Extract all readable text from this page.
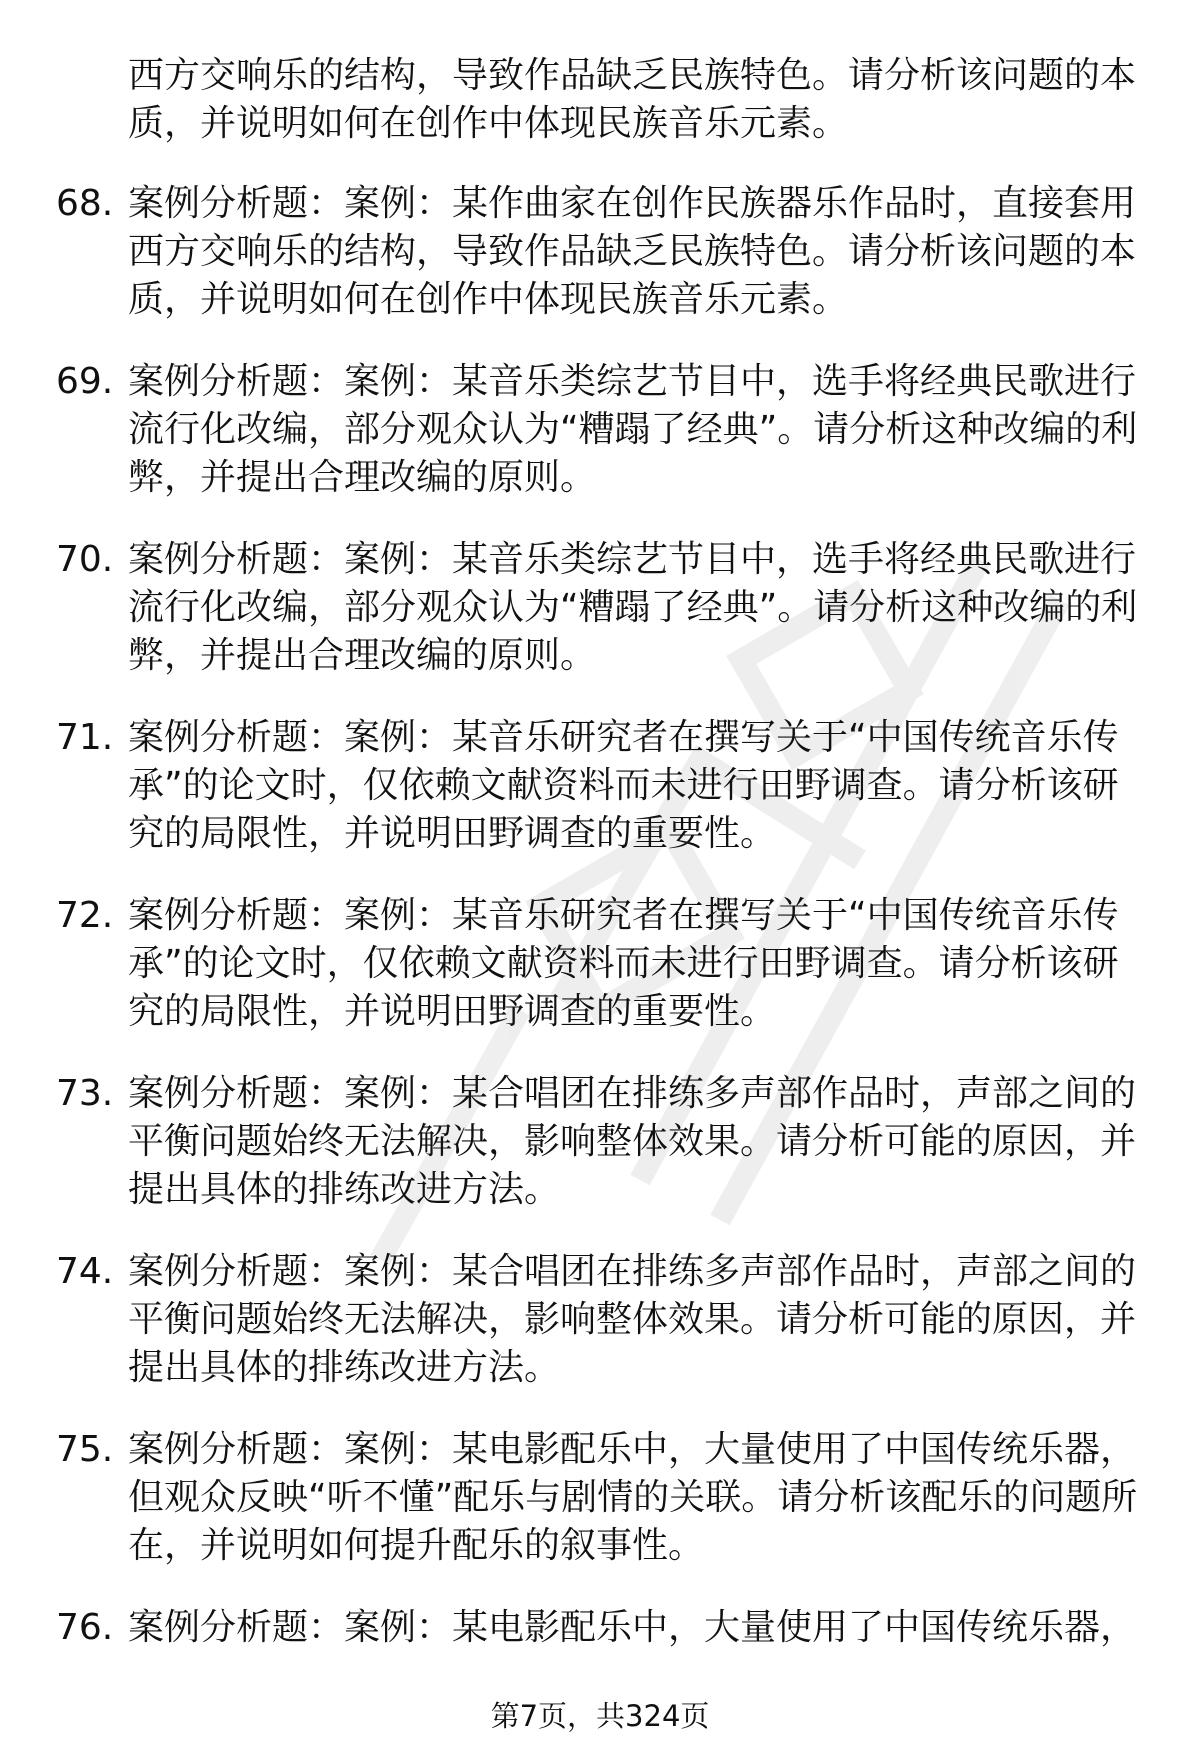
西方交响乐的结构，导致作品缺乏民族特色。请分析该问题的本质，并说明如何在创作中体现民族音乐元素。
68. 案例分析题：案例：某作曲家在创作民族器乐作品时，直接套用西方交响乐的结构，导致作品缺乏民族特色。请分析该问题的本质，并说明如何在创作中体现民族音乐元素。
69. 案例分析题：案例：某音乐类综艺节目中，选手将经典民歌进行流行化改编，部分观众认为“糟蹋了经典”。请分析这种改编的利弊，并提出合理改编的原则。
70. 案例分析题：案例：某音乐类综艺节目中，选手将经典民歌进行流行化改编，部分观众认为“糟蹋了经典”。请分析这种改编的利弊，并提出合理改编的原则。
71. 案例分析题：案例：某音乐研究者在撰写关于“中国传统音乐传承”的论文时，仅依赖文献资料而未进行田野调查。请分析该研究的局限性，并说明田野调查的重要性。
72. 案例分析题：案例：某音乐研究者在撰写关于“中国传统音乐传承”的论文时，仅依赖文献资料而未进行田野调查。请分析该研究的局限性，并说明田野调查的重要性。
73. 案例分析题：案例：某合唱团在排练多声部作品时，声部之间的平衡问题始终无法解决，影响整体效果。请分析可能的原因，并提出具体的排练改进方法。
74. 案例分析题：案例：某合唱团在排练多声部作品时，声部之间的平衡问题始终无法解决，影响整体效果。请分析可能的原因，并提出具体的排练改进方法。
75. 案例分析题：案例：某电影配乐中，大量使用了中国传统乐器，但观众反映“听不懂”配乐与剧情的关联。请分析该配乐的问题所在，并说明如何提升配乐的叙事性。
76. 案例分析题：案例：某电影配乐中，大量使用了中国传统乐器，
第7页，共324页
